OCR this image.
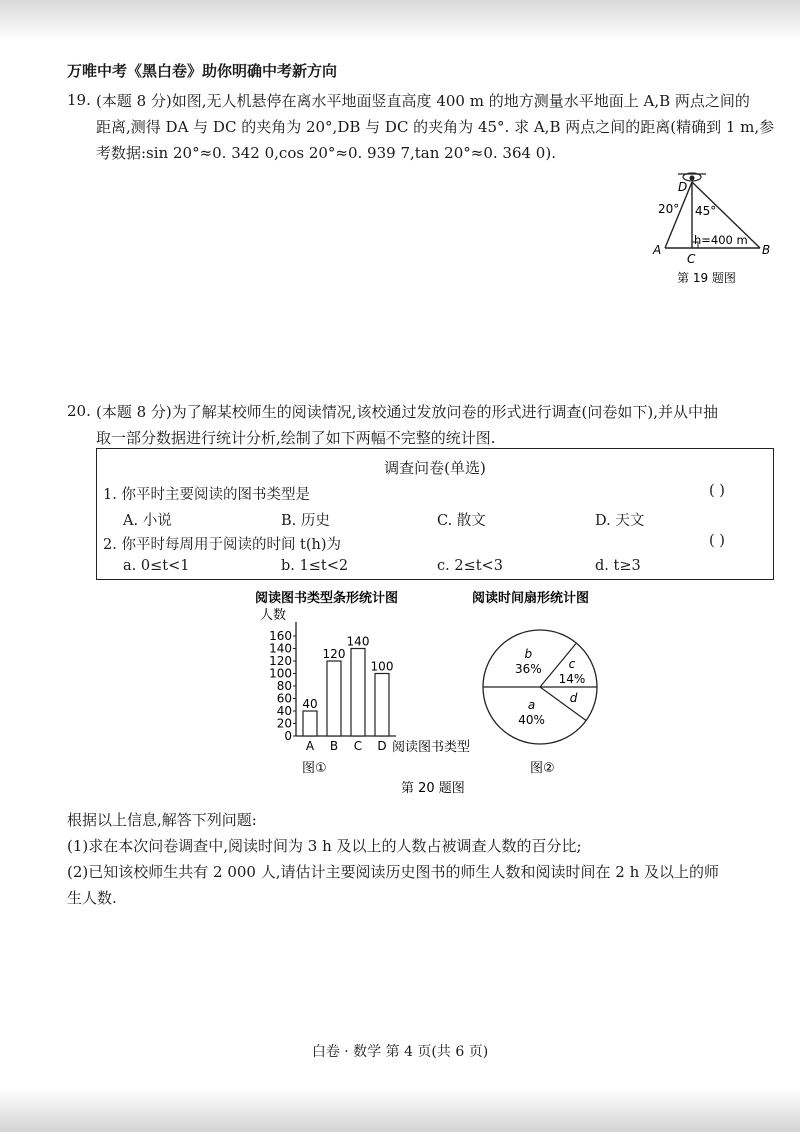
万唯中考《黑白卷》助你明确中考新方向
19. (本题 8 分)如图,无人机悬停在离水平地面竖直高度 400 m 的地方测量水平地面上 A,B 两点之间的
距离,测得 DA 与 DC 的夹角为 20°,DB 与 DC 的夹角为 45°. 求 A,B 两点之间的距离(精确到 1 m,参
考数据:sin 20°≈0. 342 0,cos 20°≈0. 939 7,tan 20°≈0. 364 0).
D
20° 45°
h=400 m
A	B
C
第 19 题图
20. (本题 8 分)为了解某校师生的阅读情况,该校通过发放问卷的形式进行调查(问卷如下),并从中抽
取一部分数据进行统计分析,绘制了如下两幅不完整的统计图.
调查问卷(单选)
1. 你平时主要阅读的图书类型是	( )
A. 小说	B. 历史	C. 散文	D. 天文
2. 你平时每周用于阅读的时间 t(h)为	( )
a. 0≤t<1	b. 1≤t<2	c. 2≤t<3	d. t≥3
阅读图书类型条形统计图	阅读时间扇形统计图
人数
阅读图书类型
0
20
40
60
80
100
120
140
160
40
A
120
B
140
C
100
D
a
40%
b
36% c
14%
d
图①	图②
第 20 题图
根据以上信息,解答下列问题:
(1)求在本次问卷调查中,阅读时间为 3 h 及以上的人数占被调查人数的百分比;
(2)已知该校师生共有 2 000 人,请估计主要阅读历史图书的师生人数和阅读时间在 2 h 及以上的师
生人数.
白卷 · 数学 第 4 页(共 6 页)
